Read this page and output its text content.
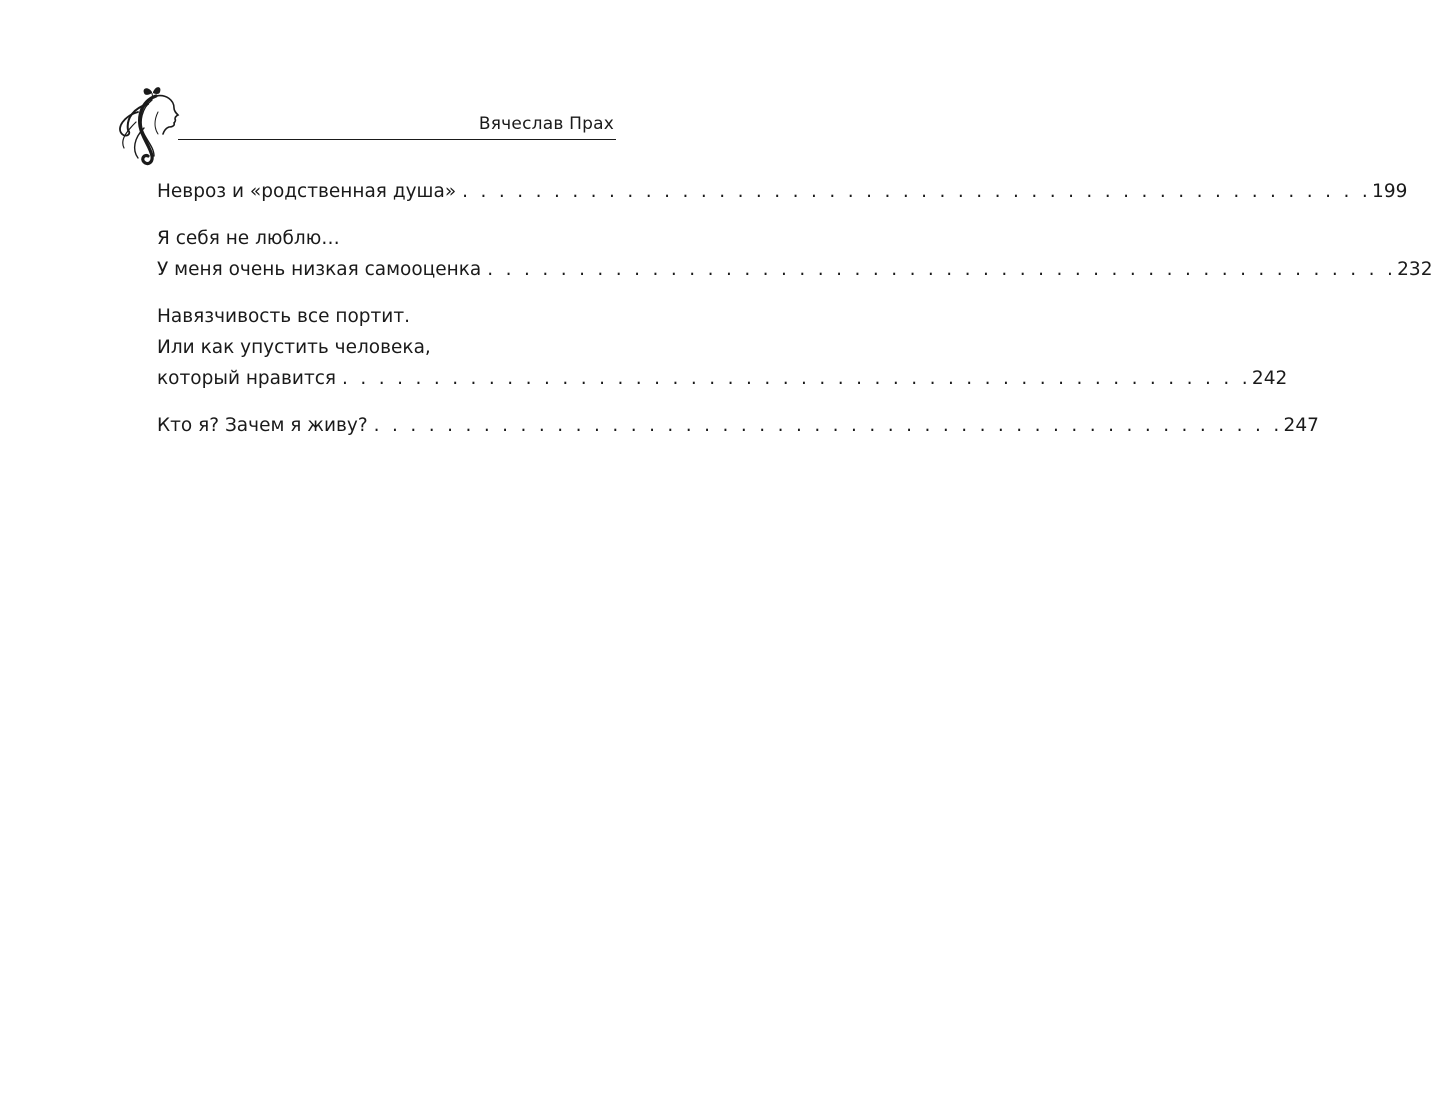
Вячеслав Прах
Невроз и «родственная душа» . . . . . . . . . . . . . . . . . . . . . . . . . . . . . . . . . . . . . . . . . . . . . . . . . . 199
Я себя не люблю…
У меня очень низкая самооценка . . . . . . . . . . . . . . . . . . . . . . . . . . . . . . . . . . . . . . . . . . . . . . . . . . 232
Навязчивость все портит.
Или как упустить человека,
который нравится . . . . . . . . . . . . . . . . . . . . . . . . . . . . . . . . . . . . . . . . . . . . . . . . . . 242
Кто я? Зачем я живу? . . . . . . . . . . . . . . . . . . . . . . . . . . . . . . . . . . . . . . . . . . . . . . . . . . 247
